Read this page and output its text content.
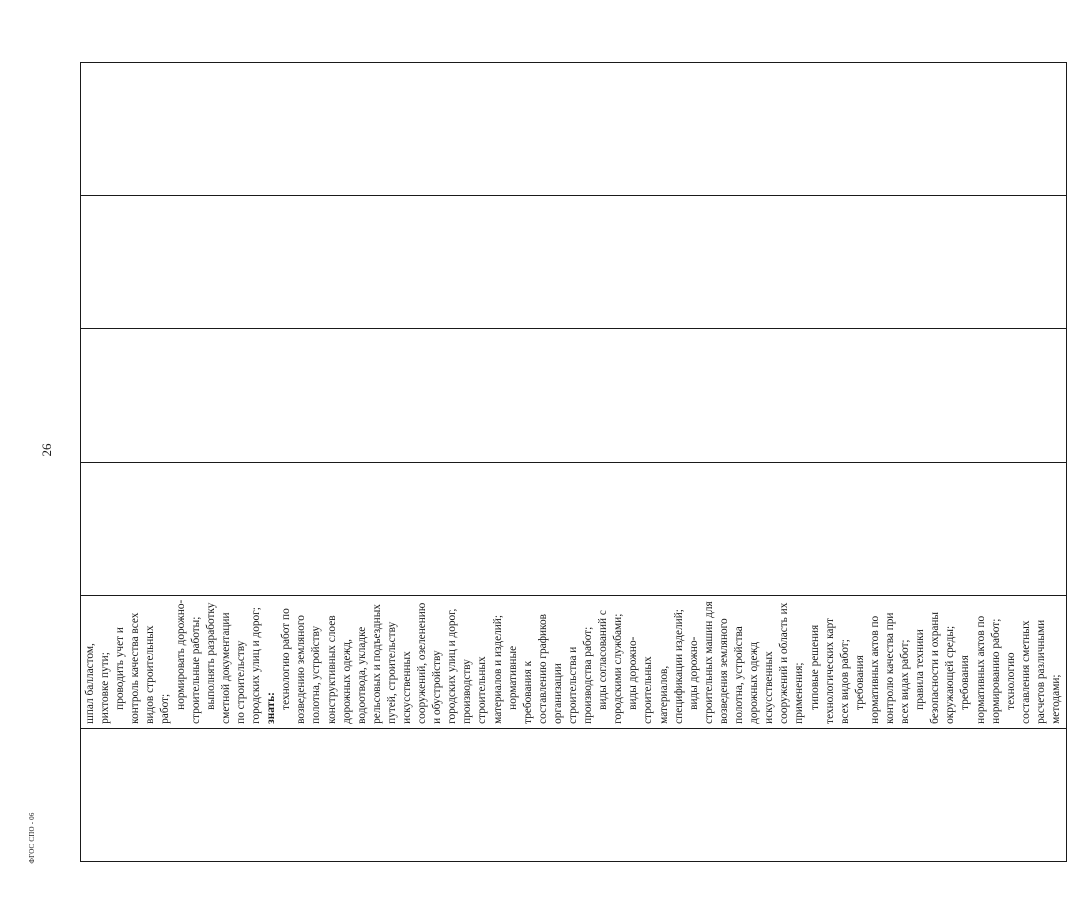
26

шпал балластом, рихтовке пути; проводить учет и контроль качества всех видов строительных работ; нормировать дорожно-строительные работы; выполнять разработку сметной документации по строительству городских улиц и дорог; знать: технологию работ по возведению земляного полотна, устройству конструктивных слоев дорожных одежд, водоотвода, укладке рельсовых и подъездных путей, строительству искусственных сооружений, озеленению и обустройству городских улиц и дорог, производству строительных материалов и изделий; нормативные требования к составлению графиков организации строительства и производства работ; виды согласований с городскими службами; виды дорожно-строительных материалов, спецификации изделий; виды дорожно-строительных машин для возведения земляного полотна, устройства дорожных одежд искусственных сооружений и область их применения; типовые решения технологических карт всех видов работ; требования нормативных актов по контролю качества при всех видах работ; правила техники безопасности и охраны окружающей среды; требования нормативных актов по нормированию работ; технологию составления сметных расчетов различными методами;

ФГОС СПО - 06
